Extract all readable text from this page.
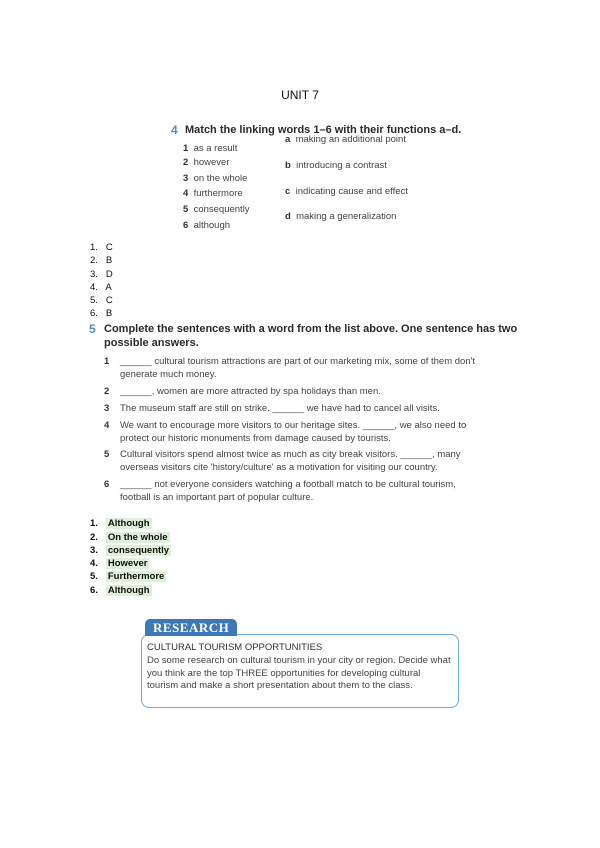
UNIT 7
4 Match the linking words 1–6 with their functions a–d.
1 as a result
2 however
3 on the whole
4 furthermore
5 consequently
6 although
a making an additional point
b introducing a contrast
c indicating cause and effect
d making a generalization
1. C
2. B
3. D
4. A
5. C
6. B
5 Complete the sentences with a word from the list above. One sentence has two
possible answers.
1 ______ cultural tourism attractions are part of our marketing mix, some of them don't
generate much money.
2 ______, women are more attracted by spa holidays than men.
3 The museum staff are still on strike. ______ we have had to cancel all visits.
4 We want to encourage more visitors to our heritage sites. ______, we also need to
protect our historic monuments from damage caused by tourists.
5 Cultural visitors spend almost twice as much as city break visitors. ______, many
overseas visitors cite 'history/culture' as a motivation for visiting our country.
6 ______ not everyone considers watching a football match to be cultural tourism,
football is an important part of popular culture.
1. Although
2. On the whole
3. consequently
4. However
5. Furthermore
6. Although
RESEARCH
CULTURAL TOURISM OPPORTUNITIES
Do some research on cultural tourism in your city or region. Decide what you think are the top THREE opportunities for developing cultural tourism and make a short presentation about them to the class.
